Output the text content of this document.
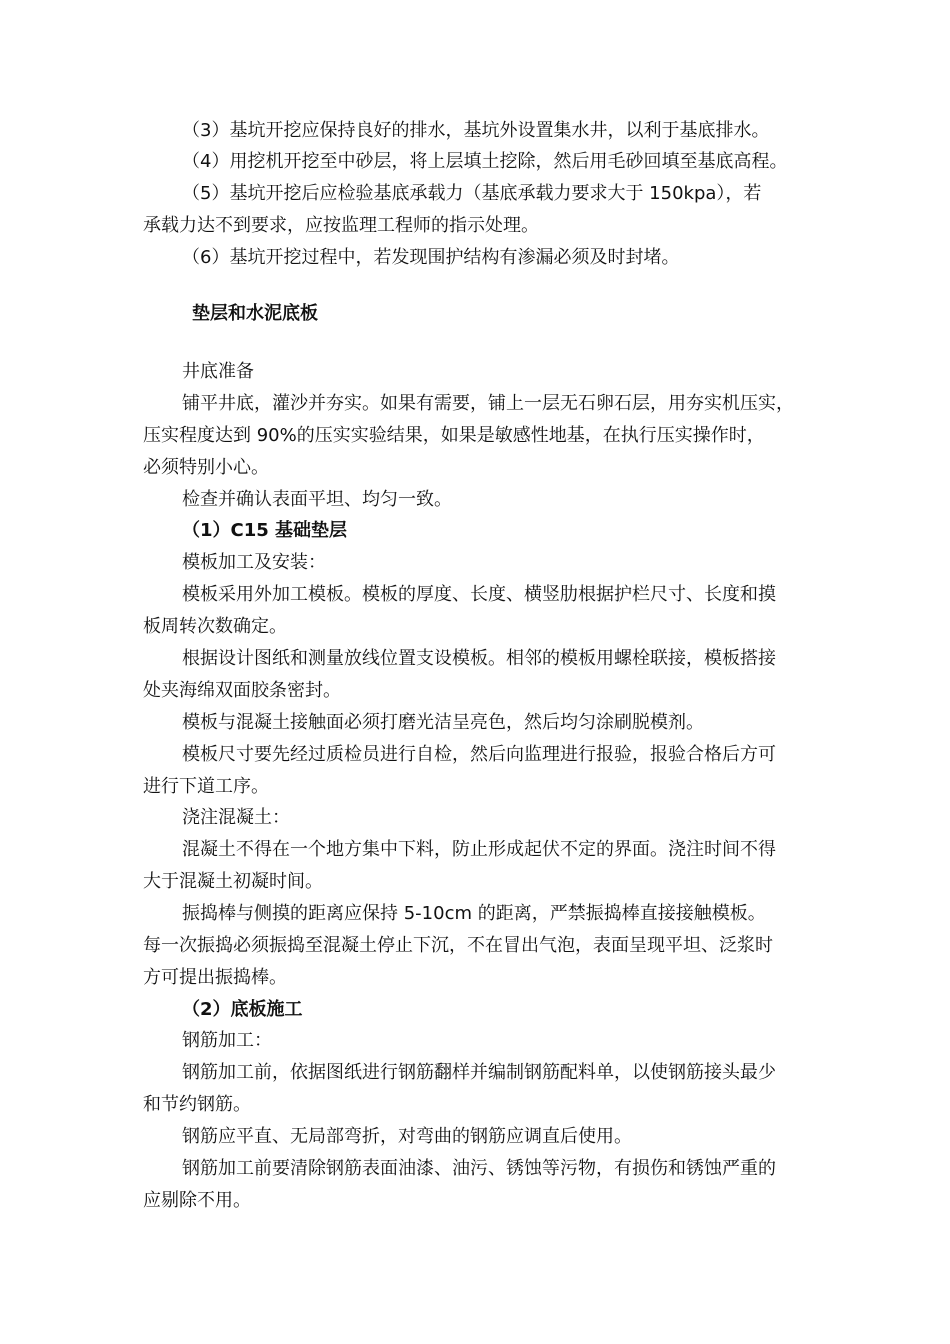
（3）基坑开挖应保持良好的排水，基坑外设置集水井，以利于基底排水。
（4）用挖机开挖至中砂层，将上层填土挖除，然后用毛砂回填至基底高程。
（5）基坑开挖后应检验基底承载力（基底承载力要求大于 150kpa），若
承载力达不到要求，应按监理工程师的指示处理。
（6）基坑开挖过程中，若发现围护结构有渗漏必须及时封堵。
垫层和水泥底板
井底准备
铺平井底，灌沙并夯实。如果有需要，铺上一层无石卵石层，用夯实机压实，
压实程度达到 90%的压实实验结果，如果是敏感性地基，在执行压实操作时，
必须特别小心。
检查并确认表面平坦、均匀一致。
（1）C15 基础垫层
模板加工及安装：
模板采用外加工模板。模板的厚度、长度、横竖肋根据护栏尺寸、长度和摸
板周转次数确定。
根据设计图纸和测量放线位置支设模板。相邻的模板用螺栓联接，模板搭接
处夹海绵双面胶条密封。
模板与混凝土接触面必须打磨光洁呈亮色，然后均匀涂刷脱模剂。
模板尺寸要先经过质检员进行自检，然后向监理进行报验，报验合格后方可
进行下道工序。
浇注混凝土：
混凝土不得在一个地方集中下料，防止形成起伏不定的界面。浇注时间不得
大于混凝土初凝时间。
振捣棒与侧摸的距离应保持 5-10cm 的距离，严禁振捣棒直接接触模板。
每一次振捣必须振捣至混凝土停止下沉，不在冒出气泡，表面呈现平坦、泛浆时
方可提出振捣棒。
（2）底板施工
钢筋加工：
钢筋加工前，依据图纸进行钢筋翻样并编制钢筋配料单，以使钢筋接头最少
和节约钢筋。
钢筋应平直、无局部弯折，对弯曲的钢筋应调直后使用。
钢筋加工前要清除钢筋表面油漆、油污、锈蚀等污物，有损伤和锈蚀严重的
应剔除不用。
